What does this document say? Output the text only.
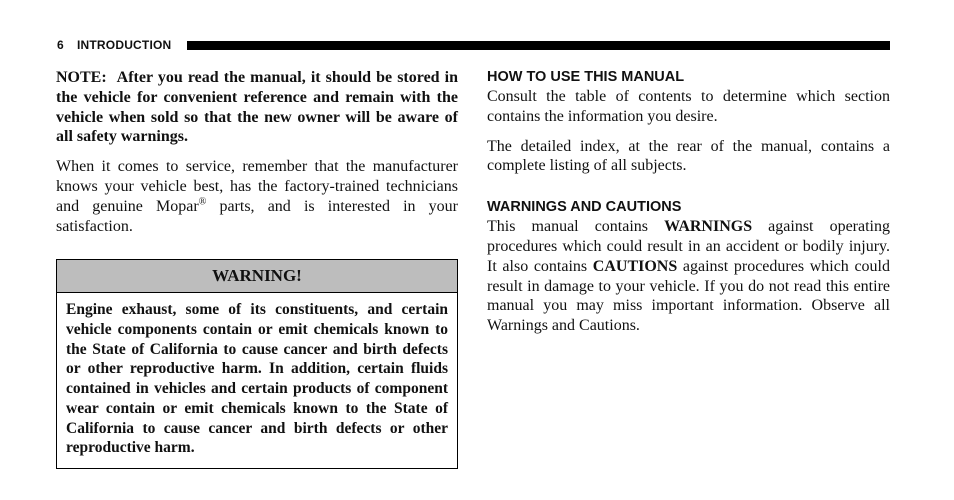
6 INTRODUCTION

NOTE: After you read the manual, it should be stored in the vehicle for convenient reference and remain with the vehicle when sold so that the new owner will be aware of all safety warnings.

When it comes to service, remember that the manufacturer knows your vehicle best, has the factory-trained technicians and genuine Mopar® parts, and is interested in your satisfaction.

WARNING!
Engine exhaust, some of its constituents, and certain vehicle components contain or emit chemicals known to the State of California to cause cancer and birth defects or other reproductive harm. In addition, certain fluids contained in vehicles and certain products of component wear contain or emit chemicals known to the State of California to cause cancer and birth defects or other reproductive harm.
HOW TO USE THIS MANUAL

Consult the table of contents to determine which section contains the information you desire.

The detailed index, at the rear of the manual, contains a complete listing of all subjects.

WARNINGS AND CAUTIONS

This manual contains WARNINGS against operating procedures which could result in an accident or bodily injury. It also contains CAUTIONS against procedures which could result in damage to your vehicle. If you do not read this entire manual you may miss important information. Observe all Warnings and Cautions.
